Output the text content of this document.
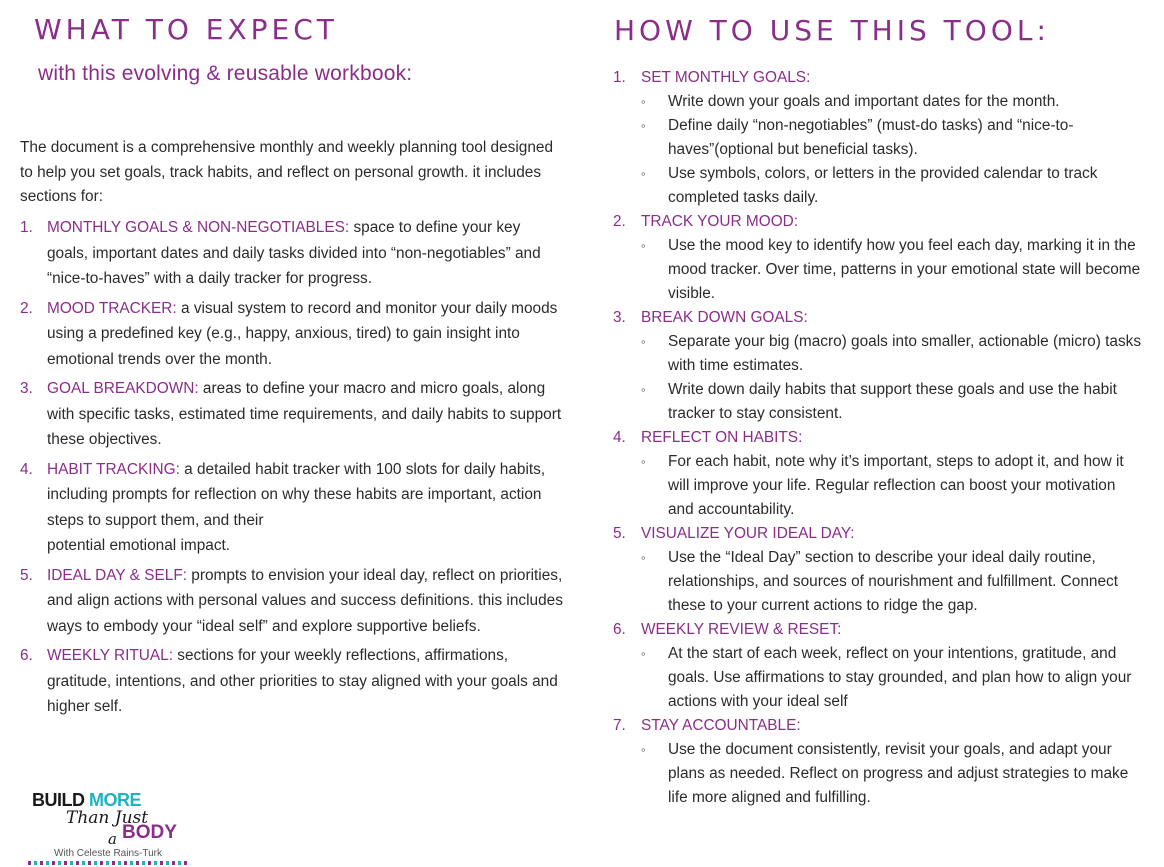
WHAT TO EXPECT
with this evolving & reusable workbook:

The document is a comprehensive monthly and weekly planning tool designed to help you set goals, track habits, and reflect on personal growth. it includes sections for:

1. MONTHLY GOALS & NON-NEGOTIABLES: space to define your key goals, important dates and daily tasks divided into “non-negotiables” and “nice-to-haves” with a daily tracker for progress.
2. MOOD TRACKER: a visual system to record and monitor your daily moods using a predefined key (e.g., happy, anxious, tired) to gain insight into emotional trends over the month.
3. GOAL BREAKDOWN: areas to define your macro and micro goals, along with specific tasks, estimated time requirements, and daily habits to support these objectives.
4. HABIT TRACKING: a detailed habit tracker with 100 slots for daily habits, including prompts for reflection on why these habits are important, action steps to support them, and their
potential emotional impact.
5. IDEAL DAY & SELF: prompts to envision your ideal day, reflect on priorities, and align actions with personal values and success definitions. this includes ways to embody your “ideal self” and explore supportive beliefs.
6. WEEKLY RITUAL: sections for your weekly reflections, affirmations, gratitude, intentions, and other priorities to stay aligned with your goals and higher self.
BUILD MORE
Than Just
a BODY
With Celeste Rains-Turk
HOW TO USE THIS TOOL:
1. SET MONTHLY GOALS:
◦ Write down your goals and important dates for the month.
◦ Define daily “non-negotiables” (must-do tasks) and “nice-to-haves”(optional but beneficial tasks).
◦ Use symbols, colors, or letters in the provided calendar to track completed tasks daily.
2. TRACK YOUR MOOD:
◦ Use the mood key to identify how you feel each day, marking it in the mood tracker. Over time, patterns in your emotional state will become visible.
3. BREAK DOWN GOALS:
◦ Separate your big (macro) goals into smaller, actionable (micro) tasks with time estimates.
◦ Write down daily habits that support these goals and use the habit tracker to stay consistent.
4. REFLECT ON HABITS:
◦ For each habit, note why it’s important, steps to adopt it, and how it will improve your life. Regular reflection can boost your motivation and accountability.
5. VISUALIZE YOUR IDEAL DAY:
◦ Use the “Ideal Day” section to describe your ideal daily routine, relationships, and sources of nourishment and fulfillment. Connect these to your current actions to ridge the gap.
6. WEEKLY REVIEW & RESET:
◦ At the start of each week, reflect on your intentions, gratitude, and goals. Use affirmations to stay grounded, and plan how to align your actions with your ideal self
7. STAY ACCOUNTABLE:
◦ Use the document consistently, revisit your goals, and adapt your plans as needed. Reflect on progress and adjust strategies to make life more aligned and fulfilling.
